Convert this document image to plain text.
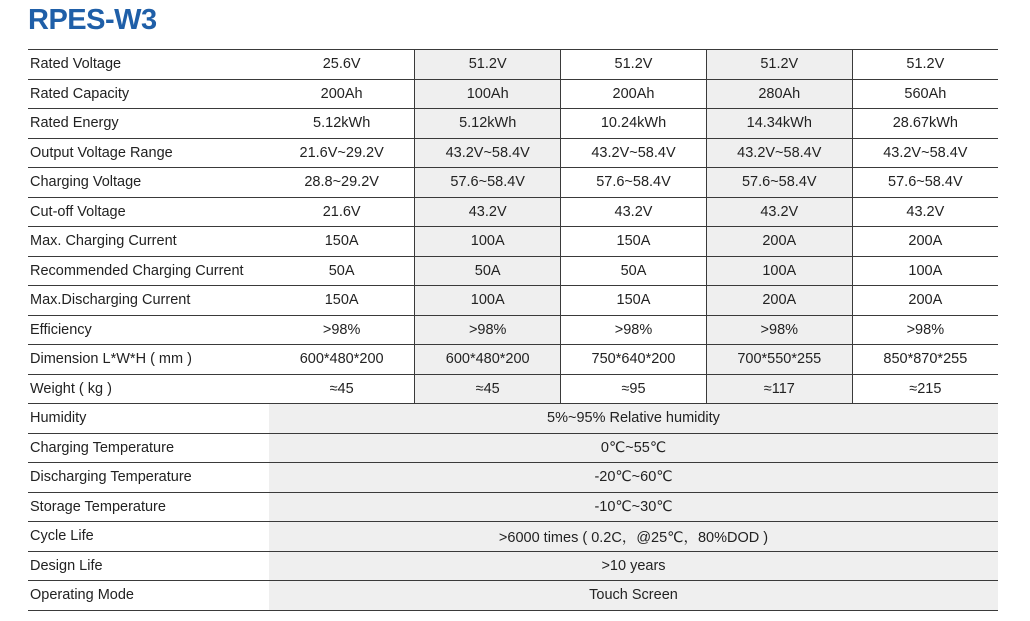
RPES-W3
Rated Voltage	25.6V	51.2V	51.2V	51.2V	51.2V
Rated Capacity	200Ah	100Ah	200Ah	280Ah	560Ah
Rated Energy	5.12kWh	5.12kWh	10.24kWh	14.34kWh	28.67kWh
Output Voltage Range	21.6V~29.2V	43.2V~58.4V	43.2V~58.4V	43.2V~58.4V	43.2V~58.4V
Charging Voltage	28.8~29.2V	57.6~58.4V	57.6~58.4V	57.6~58.4V	57.6~58.4V
Cut-off Voltage	21.6V	43.2V	43.2V	43.2V	43.2V
Max. Charging Current	150A	100A	150A	200A	200A
Recommended Charging Current	50A	50A	50A	100A	100A
Max.Discharging Current	150A	100A	150A	200A	200A
Efficiency	>98%	>98%	>98%	>98%	>98%
Dimension L*W*H ( mm )	600*480*200	600*480*200	750*640*200	700*550*255	850*870*255
Weight ( kg )	≈45	≈45	≈95	≈117	≈215
Humidity	5%~95% Relative humidity				
Charging Temperature	0℃~55℃				
Discharging Temperature	-20℃~60℃				
Storage Temperature	-10℃~30℃				
Cycle Life	>6000 times ( 0.2C，@25℃，80%DOD )				
Design Life	>10 years				
Operating Mode	Touch Screen				
